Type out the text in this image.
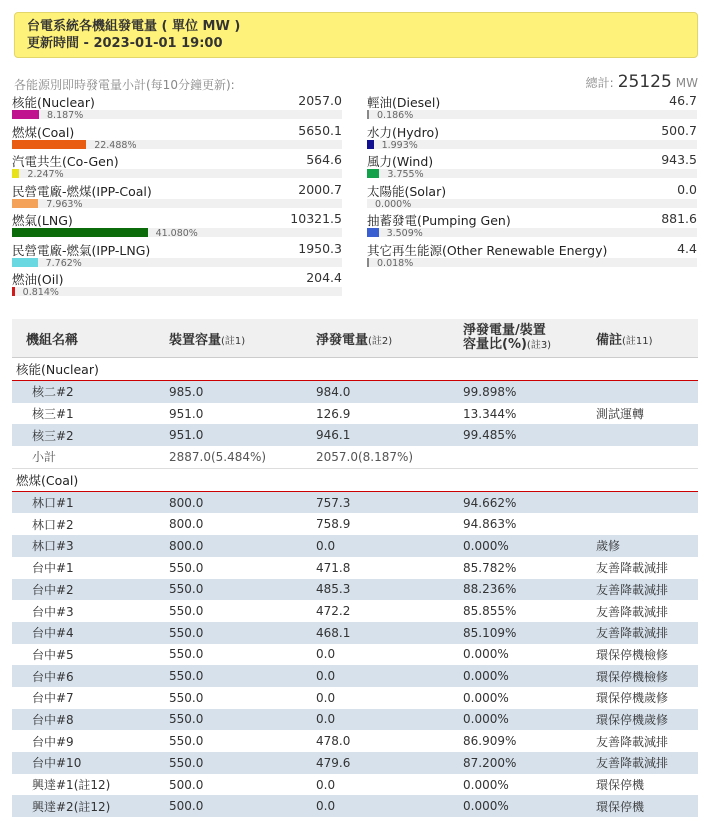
台電系統各機組發電量 ( 單位 MW )
更新時間 - 2023-01-01 19:00
各能源別即時發電量小計(每10分鐘更新):	總計: 25125 MW
核能(Nuclear)	2057.0
8.187%
燃煤(Coal)	5650.1
22.488%
汽電共生(Co-Gen)	564.6
2.247%
民營電廠-燃煤(IPP-Coal)	2000.7
7.963%
燃氣(LNG)	10321.5
41.080%
民營電廠-燃氣(IPP-LNG)	1950.3
7.762%
燃油(Oil)	204.4
0.814%
輕油(Diesel)	46.7
0.186%
水力(Hydro)	500.7
1.993%
風力(Wind)	943.5
3.755%
太陽能(Solar)	0.0
0.000%
抽蓄發電(Pumping Gen)	881.6
3.509%
其它再生能源(Other Renewable Energy)	4.4
0.018%
機組名稱	裝置容量(註1)	淨發電量(註2)	淨發電量/裝置
容量比(%)(註3)	備註(註11)
核能(Nuclear)				
核二#2	985.0	984.0	99.898%	
核三#1	951.0	126.9	13.344%	測試運轉
核三#2	951.0	946.1	99.485%	
小計	2887.0(5.484%)	2057.0(8.187%)		
燃煤(Coal)				
林口#1	800.0	757.3	94.662%	
林口#2	800.0	758.9	94.863%	
林口#3	800.0	0.0	0.000%	歲修
台中#1	550.0	471.8	85.782%	友善降載減排
台中#2	550.0	485.3	88.236%	友善降載減排
台中#3	550.0	472.2	85.855%	友善降載減排
台中#4	550.0	468.1	85.109%	友善降載減排
台中#5	550.0	0.0	0.000%	環保停機檢修
台中#6	550.0	0.0	0.000%	環保停機檢修
台中#7	550.0	0.0	0.000%	環保停機歲修
台中#8	550.0	0.0	0.000%	環保停機歲修
台中#9	550.0	478.0	86.909%	友善降載減排
台中#10	550.0	479.6	87.200%	友善降載減排
興達#1(註12)	500.0	0.0	0.000%	環保停機
興達#2(註12)	500.0	0.0	0.000%	環保停機
